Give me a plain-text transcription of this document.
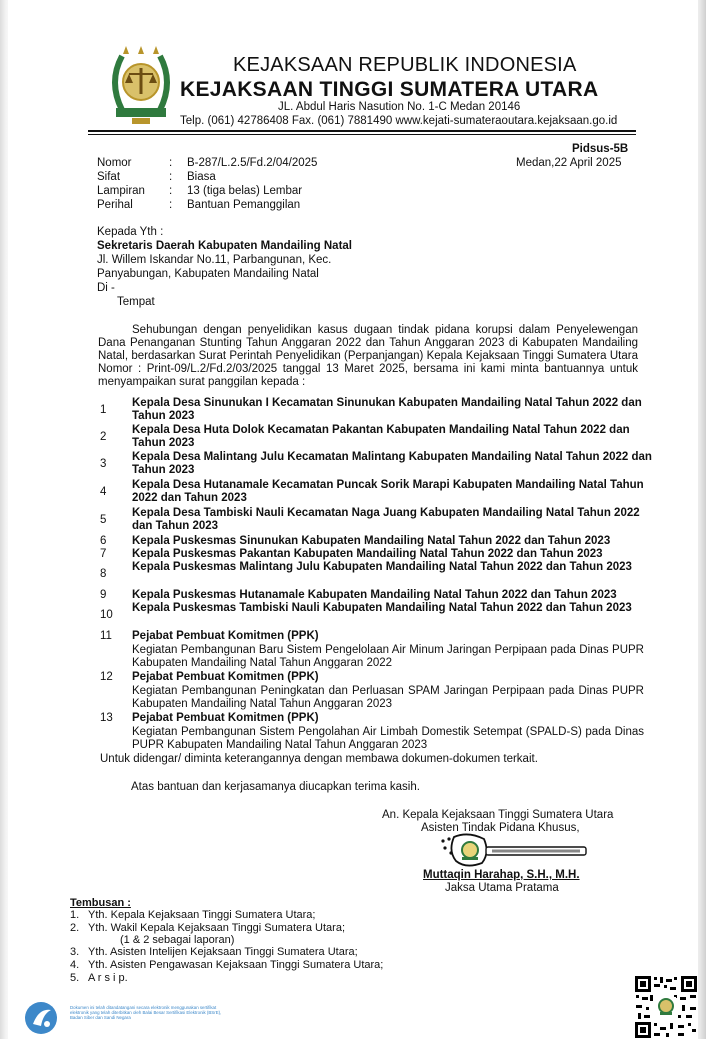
KEJAKSAAN REPUBLIK INDONESIA
KEJAKSAAN TINGGI SUMATERA UTARA
JL. Abdul Haris Nasution No. 1-C Medan 20146
Telp. (061) 42786408 Fax. (061) 7881490 www.kejati-sumateraoutara.kejaksaan.go.id
Pidsus-5B
Medan,22 April 2025
Nomor	: B-287/L.2.5/Fd.2/04/2025
Sifat	: Biasa
Lampiran : 13 (tiga belas) Lembar
Perihal	: Bantuan Pemanggilan
Kepada Yth :
Sekretaris Daerah Kabupaten Mandailing Natal
Jl. Willem Iskandar No.11, Parbangunan, Kec.
Panyabungan, Kabupaten Mandailing Natal
Di -
Tempat
Sehubungan dengan penyelidikan kasus dugaan tindak pidana korupsi dalam Penyelewengan Dana Penanganan Stunting Tahun Anggaran 2022 dan Tahun Anggaran 2023 di Kabupaten Mandailing Natal, berdasarkan Surat Perintah Penyelidikan (Perpanjangan) Kepala Kejaksaan Tinggi Sumatera Utara Nomor : Print-09/L.2/Fd.2/03/2025 tanggal 13 Maret 2025, bersama ini kami minta bantuannya untuk menyampaikan surat panggilan kepada :
1
Kepala Desa Sinunukan I Kecamatan Sinunukan Kabupaten Mandailing Natal Tahun 2022 dan Tahun 2023
2
Kepala Desa Huta Dolok Kecamatan Pakantan Kabupaten Mandailing Natal Tahun 2022 dan Tahun 2023
3
Kepala Desa Malintang Julu Kecamatan Malintang Kabupaten Mandailing Natal Tahun 2022 dan Tahun 2023
4
Kepala Desa Hutanamale Kecamatan Puncak Sorik Marapi Kabupaten Mandailing Natal Tahun 2022 dan Tahun 2023
5
Kepala Desa Tambiski Nauli Kecamatan Naga Juang Kabupaten Mandailing Natal Tahun 2022 dan Tahun 2023
6 Kepala Puskesmas Sinunukan Kabupaten Mandailing Natal Tahun 2022 dan Tahun 2023
7 Kepala Puskesmas Pakantan Kabupaten Mandailing Natal Tahun 2022 dan Tahun 2023
8
Kepala Puskesmas Malintang Julu Kabupaten Mandailing Natal Tahun 2022 dan Tahun 2023
9 Kepala Puskesmas Hutanamale Kabupaten Mandailing Natal Tahun 2022 dan Tahun 2023
10
Kepala Puskesmas Tambiski Nauli Kabupaten Mandailing Natal Tahun 2022 dan Tahun 2023
11 Pejabat Pembuat Komitmen (PPK)
Kegiatan Pembangunan Baru Sistem Pengelolaan Air Minum Jaringan Perpipaan pada Dinas PUPR Kabupaten Mandailing Natal Tahun Anggaran 2022
12 Pejabat Pembuat Komitmen (PPK)
Kegiatan Pembangunan Peningkatan dan Perluasan SPAM Jaringan Perpipaan pada Dinas PUPR Kabupaten Mandailing Natal Tahun Anggaran 2023
13 Pejabat Pembuat Komitmen (PPK)
Kegiatan Pembangunan Sistem Pengolahan Air Limbah Domestik Setempat (SPALD-S) pada Dinas PUPR Kabupaten Mandailing Natal Tahun Anggaran 2023
Untuk didengar/ diminta keterangannya dengan membawa dokumen-dokumen terkait.
Atas bantuan dan kerjasamanya diucapkan terima kasih.
An. Kepala Kejaksaan Tinggi Sumatera Utara
Asisten Tindak Pidana Khusus,
Muttaqin Harahap, S.H., M.H.
Jaksa Utama Pratama
Tembusan :
1. Yth. Kepala Kejaksaan Tinggi Sumatera Utara;
2. Yth. Wakil Kepala Kejaksaan Tinggi Sumatera Utara;
(1 & 2 sebagai laporan)
3. Yth. Asisten Intelijen Kejaksaan Tinggi Sumatera Utara;
4. Yth. Asisten Pengawasan Kejaksaan Tinggi Sumatera Utara;
5. A r s i p.
Dokumen ini telah ditandatangani secara elektronik menggunakan sertifikat elektronik yang telah diterbitkan oleh Balai Besar Sertifikasi Elektronik (BSrE), Badan Siber dan Sandi Negara
